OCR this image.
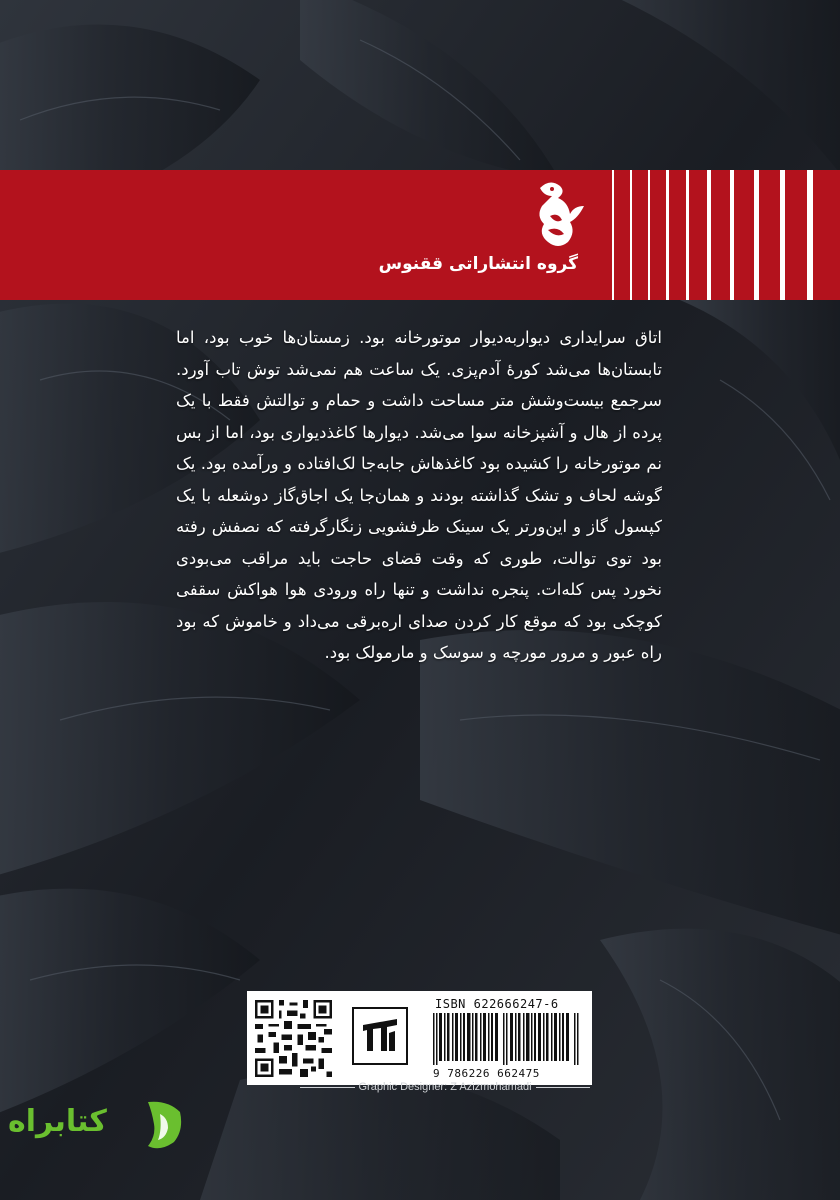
گروه انتشاراتی ققنوس

اتاق سرایداری دیواربه‌دیوار موتورخانه بود. زمستان‌ها خوب بود، اما تابستان‌ها می‌شد کورهٔ آدم‌پزی. یک ساعت هم نمی‌شد توش تاب آورد. سرجمع بیست‌وشش متر مساحت داشت و حمام و توالتش فقط با یک پرده از هال و آشپزخانه سوا می‌شد. دیوارها کاغذدیواری بود، اما از بس نم موتورخانه را کشیده بود کاغذهاش جابه‌جا لک‌افتاده و ورآمده بود. یک گوشه لحاف و تشک گذاشته بودند و همان‌جا یک اجاق‌گاز دوشعله با یک کپسول گاز و این‌ورتر یک سینک ظرفشویی زنگارگرفته که نصفش رفته بود توی توالت، طوری که وقت قضای حاجت باید مراقب می‌بودی نخورد پس کله‌ات. پنجره نداشت و تنها راه ورودی هوا هواکش سقفی کوچکی بود که موقع کار کردن صدای اره‌برقی می‌داد و خاموش که بود راه عبور و مرور مورچه و سوسک و مارمولک بود.

ISBN 622666247-6
9 786226 662475
Graphic Designer: Z Azizmohamadi
کتابراه
